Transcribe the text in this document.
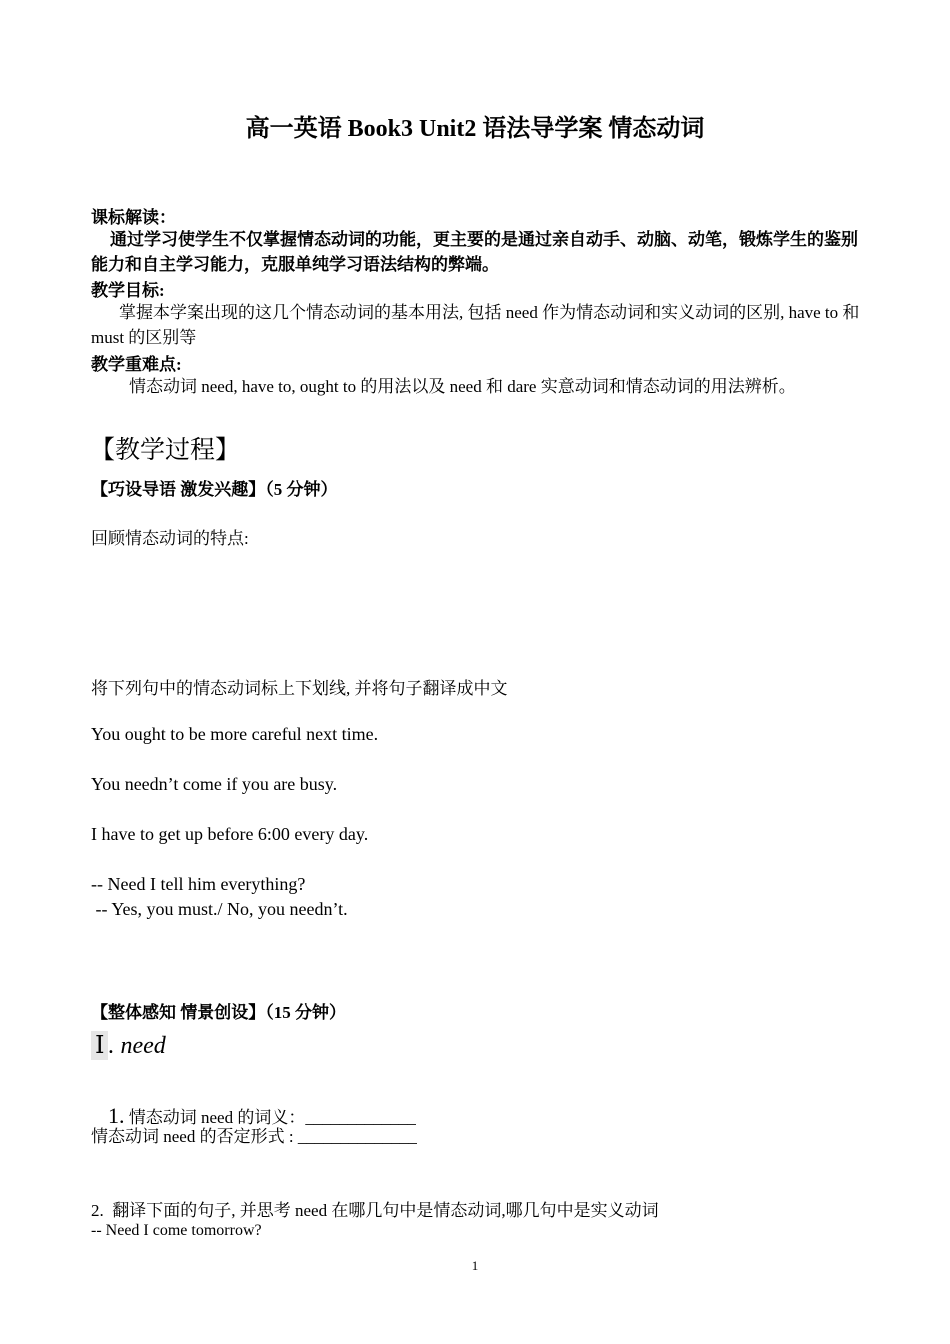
高一英语 Book3 Unit2 语法导学案 情态动词
课标解读：
通过学习使学生不仅掌握情态动词的功能，更主要的是通过亲自动手、动脑、动笔，锻炼学生的鉴别能力和自主学习能力，克服单纯学习语法结构的弊端。
教学目标:
掌握本学案出现的这几个情态动词的基本用法, 包括 need 作为情态动词和实义动词的区别, have to 和 must 的区别等
教学重难点:
情态动词 need, have to, ought to 的用法以及 need 和 dare 实意动词和情态动词的用法辨析。
【教学过程】
【巧设导语 激发兴趣】（5 分钟）
回顾情态动词的特点:
将下列句中的情态动词标上下划线, 并将句子翻译成中文
You ought to be more careful next time.
You needn’t come if you are busy.
I have to get up before 6:00 every day.
-- Need I tell him everything?
-- Yes, you must./ No, you needn’t.
【整体感知 情景创设】（15 分钟）
Ⅰ . need

1. 情态动词 need 的词义：_____________

情态动词 need 的否定形式 : ______________
2.  翻译下面的句子, 并思考 need 在哪几句中是情态动词,哪几句中是实义动词
-- Need I come tomorrow?
1
